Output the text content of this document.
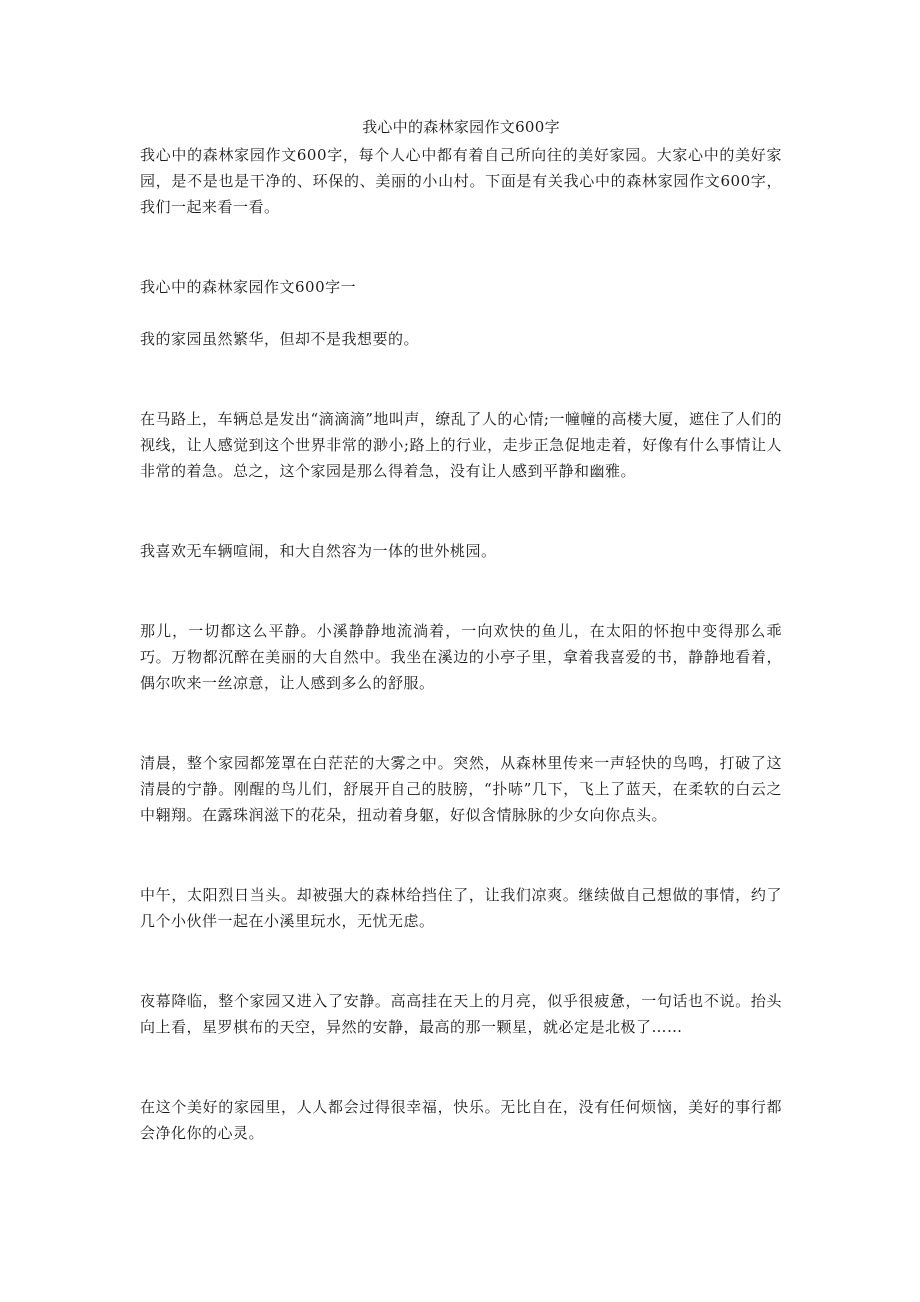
我心中的森林家园作文600字

我心中的森林家园作文600字，每个人心中都有着自己所向往的美好家园。大家心中的美好家园，是不是也是干净的、环保的、美丽的小山村。下面是有关我心中的森林家园作文600字，我们一起来看一看。

我心中的森林家园作文600字一

我的家园虽然繁华，但却不是我想要的。

在马路上，车辆总是发出“滴滴滴”地叫声，缭乱了人的心情;一幢幢的高楼大厦，遮住了人们的视线，让人感觉到这个世界非常的渺小;路上的行业，走步正急促地走着，好像有什么事情让人非常的着急。总之，这个家园是那么得着急，没有让人感到平静和幽雅。

我喜欢无车辆喧闹，和大自然容为一体的世外桃园。

那儿，一切都这么平静。小溪静静地流淌着，一向欢快的鱼儿，在太阳的怀抱中变得那么乖巧。万物都沉醉在美丽的大自然中。我坐在溪边的小亭子里，拿着我喜爱的书，静静地看着，偶尔吹来一丝凉意，让人感到多么的舒服。

清晨，整个家园都笼罩在白茫茫的大雾之中。突然，从森林里传来一声轻快的鸟鸣，打破了这清晨的宁静。刚醒的鸟儿们，舒展开自己的肢膀，“扑哧”几下，飞上了蓝天，在柔软的白云之中翱翔。在露珠润滋下的花朵，扭动着身躯，好似含情脉脉的少女向你点头。

中午，太阳烈日当头。却被强大的森林给挡住了，让我们凉爽。继续做自己想做的事情，约了几个小伙伴一起在小溪里玩水，无忧无虑。

夜幕降临，整个家园又进入了安静。高高挂在天上的月亮，似乎很疲惫，一句话也不说。抬头向上看，星罗棋布的天空，异然的安静，最高的那一颗星，就必定是北极了……

在这个美好的家园里，人人都会过得很幸福，快乐。无比自在，没有任何烦恼，美好的事行都会净化你的心灵。
